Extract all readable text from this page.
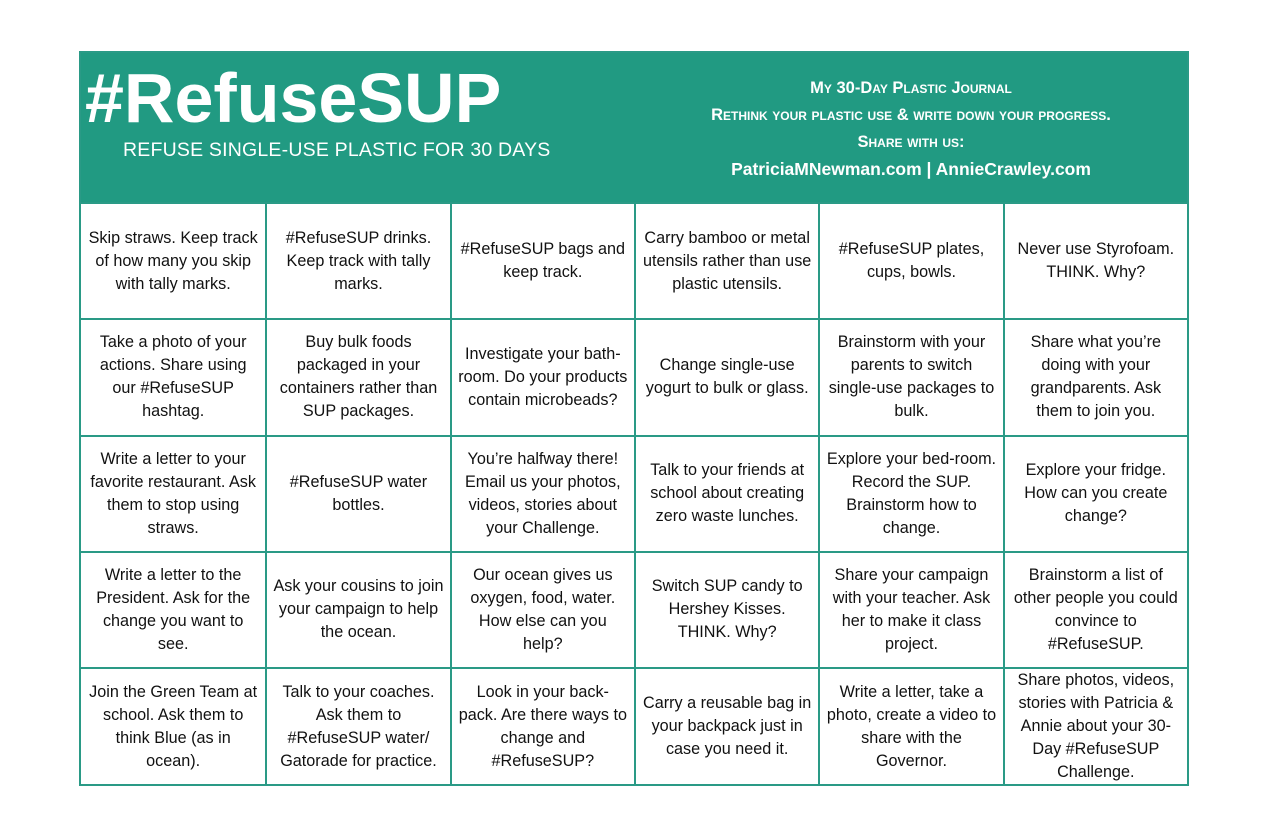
#RefuseSUP
REFUSE SINGLE-USE PLASTIC FOR 30 DAYS
My 30-Day Plastic Journal
Rethink your plastic use & write down your progress.
Share with us:
PatriciaMNewman.com | AnnieCrawley.com
Skip straws. Keep track of how many you skip with tally marks.
#RefuseSUP drinks. Keep track with tally marks.
#RefuseSUP bags and keep track.
Carry bamboo or metal utensils rather than use plastic utensils.
#RefuseSUP plates, cups, bowls.
Never use Styrofoam. THINK. Why?
Take a photo of your actions. Share using our #RefuseSUP hashtag.
Buy bulk foods packaged in your containers rather than SUP packages.
Investigate your bath-room. Do your products contain microbeads?
Change single-use yogurt to bulk or glass.
Brainstorm with your parents to switch single-use packages to bulk.
Share what you’re doing with your grandparents. Ask them to join you.
Write a letter to your favorite restaurant. Ask them to stop using straws.
#RefuseSUP water bottles.
You’re halfway there! Email us your photos, videos, stories about your Challenge.
Talk to your friends at school about creating zero waste lunches.
Explore your bed-room. Record the SUP. Brainstorm how to change.
Explore your fridge. How can you create change?
Write a letter to the President. Ask for the change you want to see.
Ask your cousins to join your campaign to help the ocean.
Our ocean gives us oxygen, food, water. How else can you help?
Switch SUP candy to Hershey Kisses. THINK. Why?
Share your campaign with your teacher. Ask her to make it class project.
Brainstorm a list of other people you could convince to #RefuseSUP.
Join the Green Team at school. Ask them to think Blue (as in ocean).
Talk to your coaches. Ask them to #RefuseSUP water/ Gatorade for practice.
Look in your back-pack. Are there ways to change and #RefuseSUP?
Carry a reusable bag in your backpack just in case you need it.
Write a letter, take a photo, create a video to share with the Governor.
Share photos, videos, stories with Patricia & Annie about your 30-Day #RefuseSUP Challenge.
